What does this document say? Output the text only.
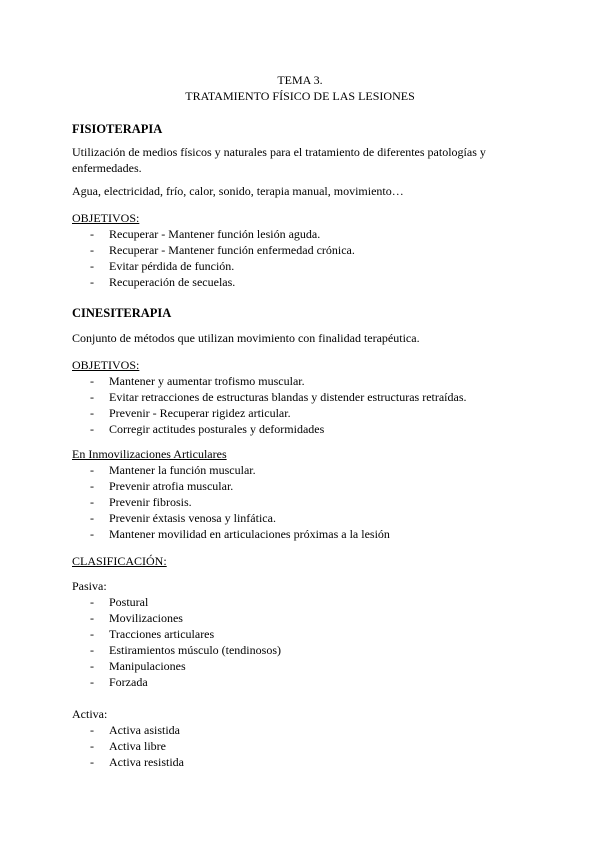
TEMA 3.
TRATAMIENTO FÍSICO DE LAS LESIONES
FISIOTERAPIA
Utilización de medios físicos y naturales para el tratamiento de diferentes patologías y
enfermedades.
Agua, electricidad, frío, calor, sonido, terapia manual, movimiento…
OBJETIVOS:
- Recuperar - Mantener función lesión aguda.
- Recuperar - Mantener función enfermedad crónica.
- Evitar pérdida de función.
- Recuperación de secuelas.
CINESITERAPIA
Conjunto de métodos que utilizan movimiento con finalidad terapéutica.
OBJETIVOS:
- Mantener y aumentar trofismo muscular.
- Evitar retracciones de estructuras blandas y distender estructuras retraídas.
- Prevenir - Recuperar rigidez articular.
- Corregir actitudes posturales y deformidades
En Inmovilizaciones Articulares
- Mantener la función muscular.
- Prevenir atrofia muscular.
- Prevenir fibrosis.
- Prevenir éxtasis venosa y linfática.
- Mantener movilidad en articulaciones próximas a la lesión
CLASIFICACIÓN:
Pasiva:
- Postural
- Movilizaciones
- Tracciones articulares
- Estiramientos músculo (tendinosos)
- Manipulaciones
- Forzada
Activa:
- Activa asistida
- Activa libre
- Activa resistida
